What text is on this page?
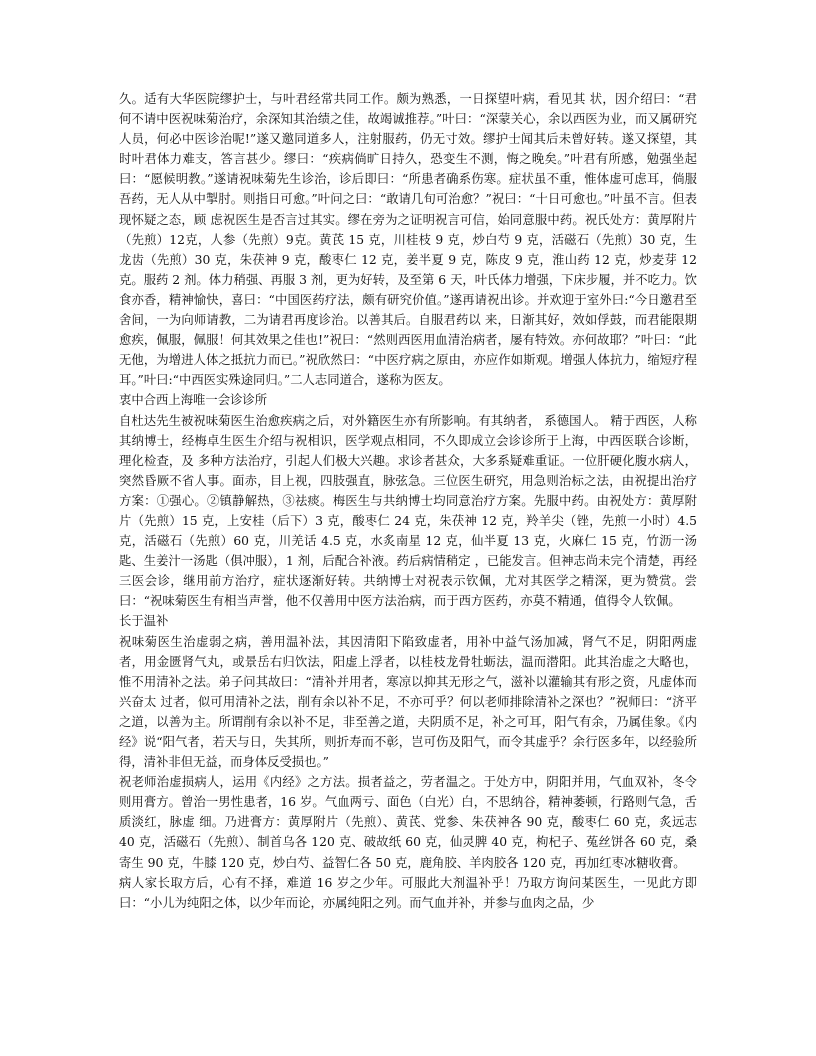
久。适有大华医院缪护士，与叶君经常共同工作。颇为熟悉，一日探望叶病，看见其 状，因介绍曰：“君何不请中医祝味菊治疗，余深知其治绩之佳，故竭诚推荐。”叶曰：“深蒙关心，余以西医为业，而又属研究人员，何必中医诊治呢!”遂又邀同道多人，注射服药，仍无寸效。缪护士闻其后未曾好转。遂又探望，其时叶君体力难支，答言甚少。缪曰：“疾病倘旷日持久，恐变生不测，悔之晚矣。”叶君有所感，勉强坐起曰：“愿候明教。”遂请祝味菊先生诊治，诊后即曰：“所患者确系伤寒。症状虽不重，惟体虚可虑耳，倘服吾药，无人从中掣肘。则指日可愈。”叶问之曰：“敢请几旬可治愈？”祝曰：“十日可愈也。”叶虽不言。但表现怀疑之态，顾 虑祝医生是否言过其实。缪在旁为之证明祝言可信，始同意服中药。祝氏处方：黄厚附片（先煎）12克，人参（先煎）9克。黄芪 15 克，川桂枝 9 克，炒白芍 9 克，活磁石（先煎）30 克，生龙齿（先煎）30 克，朱茯神 9 克，酸枣仁 12 克，姜半夏 9 克，陈皮 9 克，淮山药 12 克，炒麦芽 12 克。服药 2 剂。体力稍强、再服 3 剂，更为好转，及至第 6 天，叶氏体力增强，下床步履，并不吃力。饮食亦香，精神愉快，喜曰：“中国医药疗法，颇有研究价值。”遂再请祝出诊。并欢迎于室外曰:“今日邀君至舍间，一为向师请教，二为请君再度诊治。以善其后。自服君药以 来，日渐其好，效如俘鼓，而君能限期愈疾，佩服，佩服！何其效果之佳也!”祝曰：“然则西医用血清治病者，屡有特效。亦何故耶？”叶曰：“此无他，为增进人体之抵抗力而已。”祝欣然曰：“中医疗病之原由，亦应作如斯观。增强人体抗力，缩短疗程耳。”叶曰:“中西医实殊途同归。”二人志同道合，遂称为医友。

衷中合西上海唯一会诊诊所

自杜达先生被祝味菊医生治愈疾病之后，对外籍医生亦有所影响。有其纳者， 系德国人。 精于西医，人称其纳博士，经梅卓生医生介绍与祝相识，医学观点相同，不久即成立会诊诊所于上海，中西医联合诊断，理化检查，及 多种方法治疗，引起人们极大兴趣。求诊者甚众，大多系疑难重证。一位肝硬化腹水病人，突然昏厥不省人事。面赤，目上视，四肢强直，脉弦急。三位医生研究，用急则治标之法，由祝提出治疗方案：①强心。②镇静解热，③祛痰。梅医生与共纳博士均同意治疗方案。先服中药。由祝处方：黄厚附片（先煎）15 克，上安桂（后下）3 克，酸枣仁 24 克，朱茯神 12 克，羚羊尖（锉，先煎一小时）4.5 克，活磁石（先煎）60 克，川羌话 4.5 克，水炙南星 12 克，仙半夏 13 克，火麻仁 15 克，竹沥一汤匙、生姜汁一汤匙（俱冲服），1 剂，后配合补液。药后病情稍定 ，已能发言。但神志尚未完个清楚，再经三医会诊，继用前方治疗，症状逐渐好转。共纳博士对祝表示钦佩，尤对其医学之精深，更为赞赏。尝曰：“祝味菊医生有相当声誉，他不仅善用中医方法治病，而于西方医药，亦莫不精通，值得令人钦佩。

长于温补

祝味菊医生治虚弱之病，善用温补法，其因清阳下陷致虚者，用补中益气汤加减，肾气不足，阴阳两虚者，用金匮肾气丸，或景岳右归饮法，阳虚上浮者，以桂枝龙骨牡蛎法，温而潜阳。此其治虚之大略也，惟不用清补之法。弟子问其故曰：“清补并用者，寒凉以抑其无形之气，滋补以灌输其有形之资，凡虚体而兴奋太 过者，似可用清补之法，削有余以补不足，不亦可乎？何以老师排除清补之深也？”祝师曰：“济平之道，以善为主。所谓削有余以补不足，非至善之道，夫阴质不足，补之可耳，阳气有余，乃属佳象。《内经》说“阳气者，若天与日，失其所，则折寿而不彰，岂可伤及阳气，而令其虚乎？余行医多年，以经验所得，清补非但无益，而身体反受损也。”

祝老师治虚损病人，运用《内经》之方法。损者益之，劳者温之。于处方中，阴阳并用，气血双补，冬令则用膏方。曾治一男性患者，16 岁。气血两亏、面色（白光）白，不思纳谷，精神萎顿，行路则气急，舌质淡红，脉虚 细。乃进膏方：黄厚附片（先煎）、黄芪、党参、朱茯神各 90 克，酸枣仁 60 克，炙远志 40 克，活磁石（先煎）、制首乌各 120 克、破故纸 60 克，仙灵脾 40 克，枸杞子、菟丝饼各 60 克，桑寄生 90 克，牛膝 120 克，炒白芍、益智仁各 50 克，鹿角胶、羊肉胶各 120 克，再加红枣冰糖收膏。

病人家长取方后，心有不择，难道 16 岁之少年。可服此大剂温补乎！乃取方询问某医生，一见此方即曰：“小儿为纯阳之体，以少年而论，亦属纯阳之列。而气血并补，并参与血肉之品，少
